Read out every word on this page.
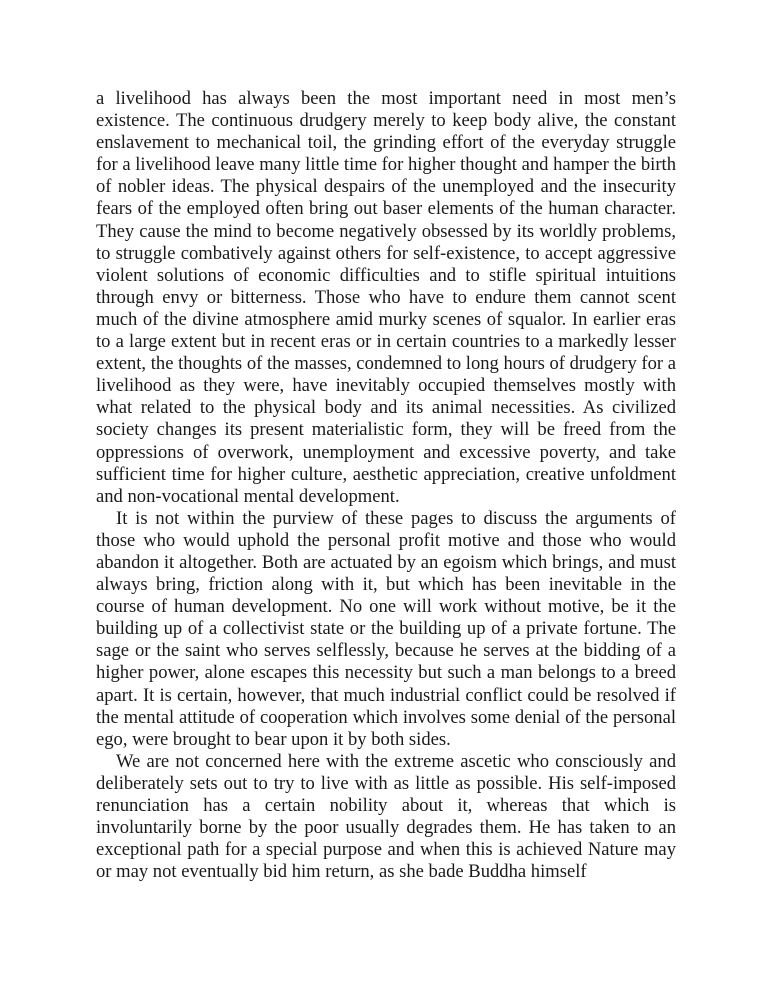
a livelihood has always been the most important need in most men’s existence. The continuous drudgery merely to keep body alive, the constant enslavement to mechanical toil, the grinding effort of the everyday struggle for a livelihood leave many little time for higher thought and hamper the birth of nobler ideas. The physical despairs of the unemployed and the insecurity fears of the employed often bring out baser elements of the human character. They cause the mind to become negatively obsessed by its worldly problems, to struggle combatively against others for self-existence, to accept aggressive violent solutions of economic difficulties and to stifle spiritual intuitions through envy or bitterness. Those who have to endure them cannot scent much of the divine atmosphere amid murky scenes of squalor. In earlier eras to a large extent but in recent eras or in certain countries to a markedly lesser extent, the thoughts of the masses, condemned to long hours of drudgery for a livelihood as they were, have inevitably occupied themselves mostly with what related to the physical body and its animal necessities. As civilized society changes its present materialistic form, they will be freed from the oppressions of overwork, unemployment and excessive poverty, and take sufficient time for higher culture, aesthetic appreciation, creative unfoldment and non-vocational mental development.

It is not within the purview of these pages to discuss the arguments of those who would uphold the personal profit motive and those who would abandon it altogether. Both are actuated by an egoism which brings, and must always bring, friction along with it, but which has been inevitable in the course of human development. No one will work without motive, be it the building up of a collectivist state or the building up of a private fortune. The sage or the saint who serves selflessly, because he serves at the bidding of a higher power, alone escapes this necessity but such a man belongs to a breed apart. It is certain, however, that much industrial conflict could be resolved if the mental attitude of cooperation which involves some denial of the personal ego, were brought to bear upon it by both sides.

We are not concerned here with the extreme ascetic who consciously and deliberately sets out to try to live with as little as possible. His self-imposed renunciation has a certain nobility about it, whereas that which is involuntarily borne by the poor usually degrades them. He has taken to an exceptional path for a special purpose and when this is achieved Nature may or may not eventually bid him return, as she bade Buddha himself
